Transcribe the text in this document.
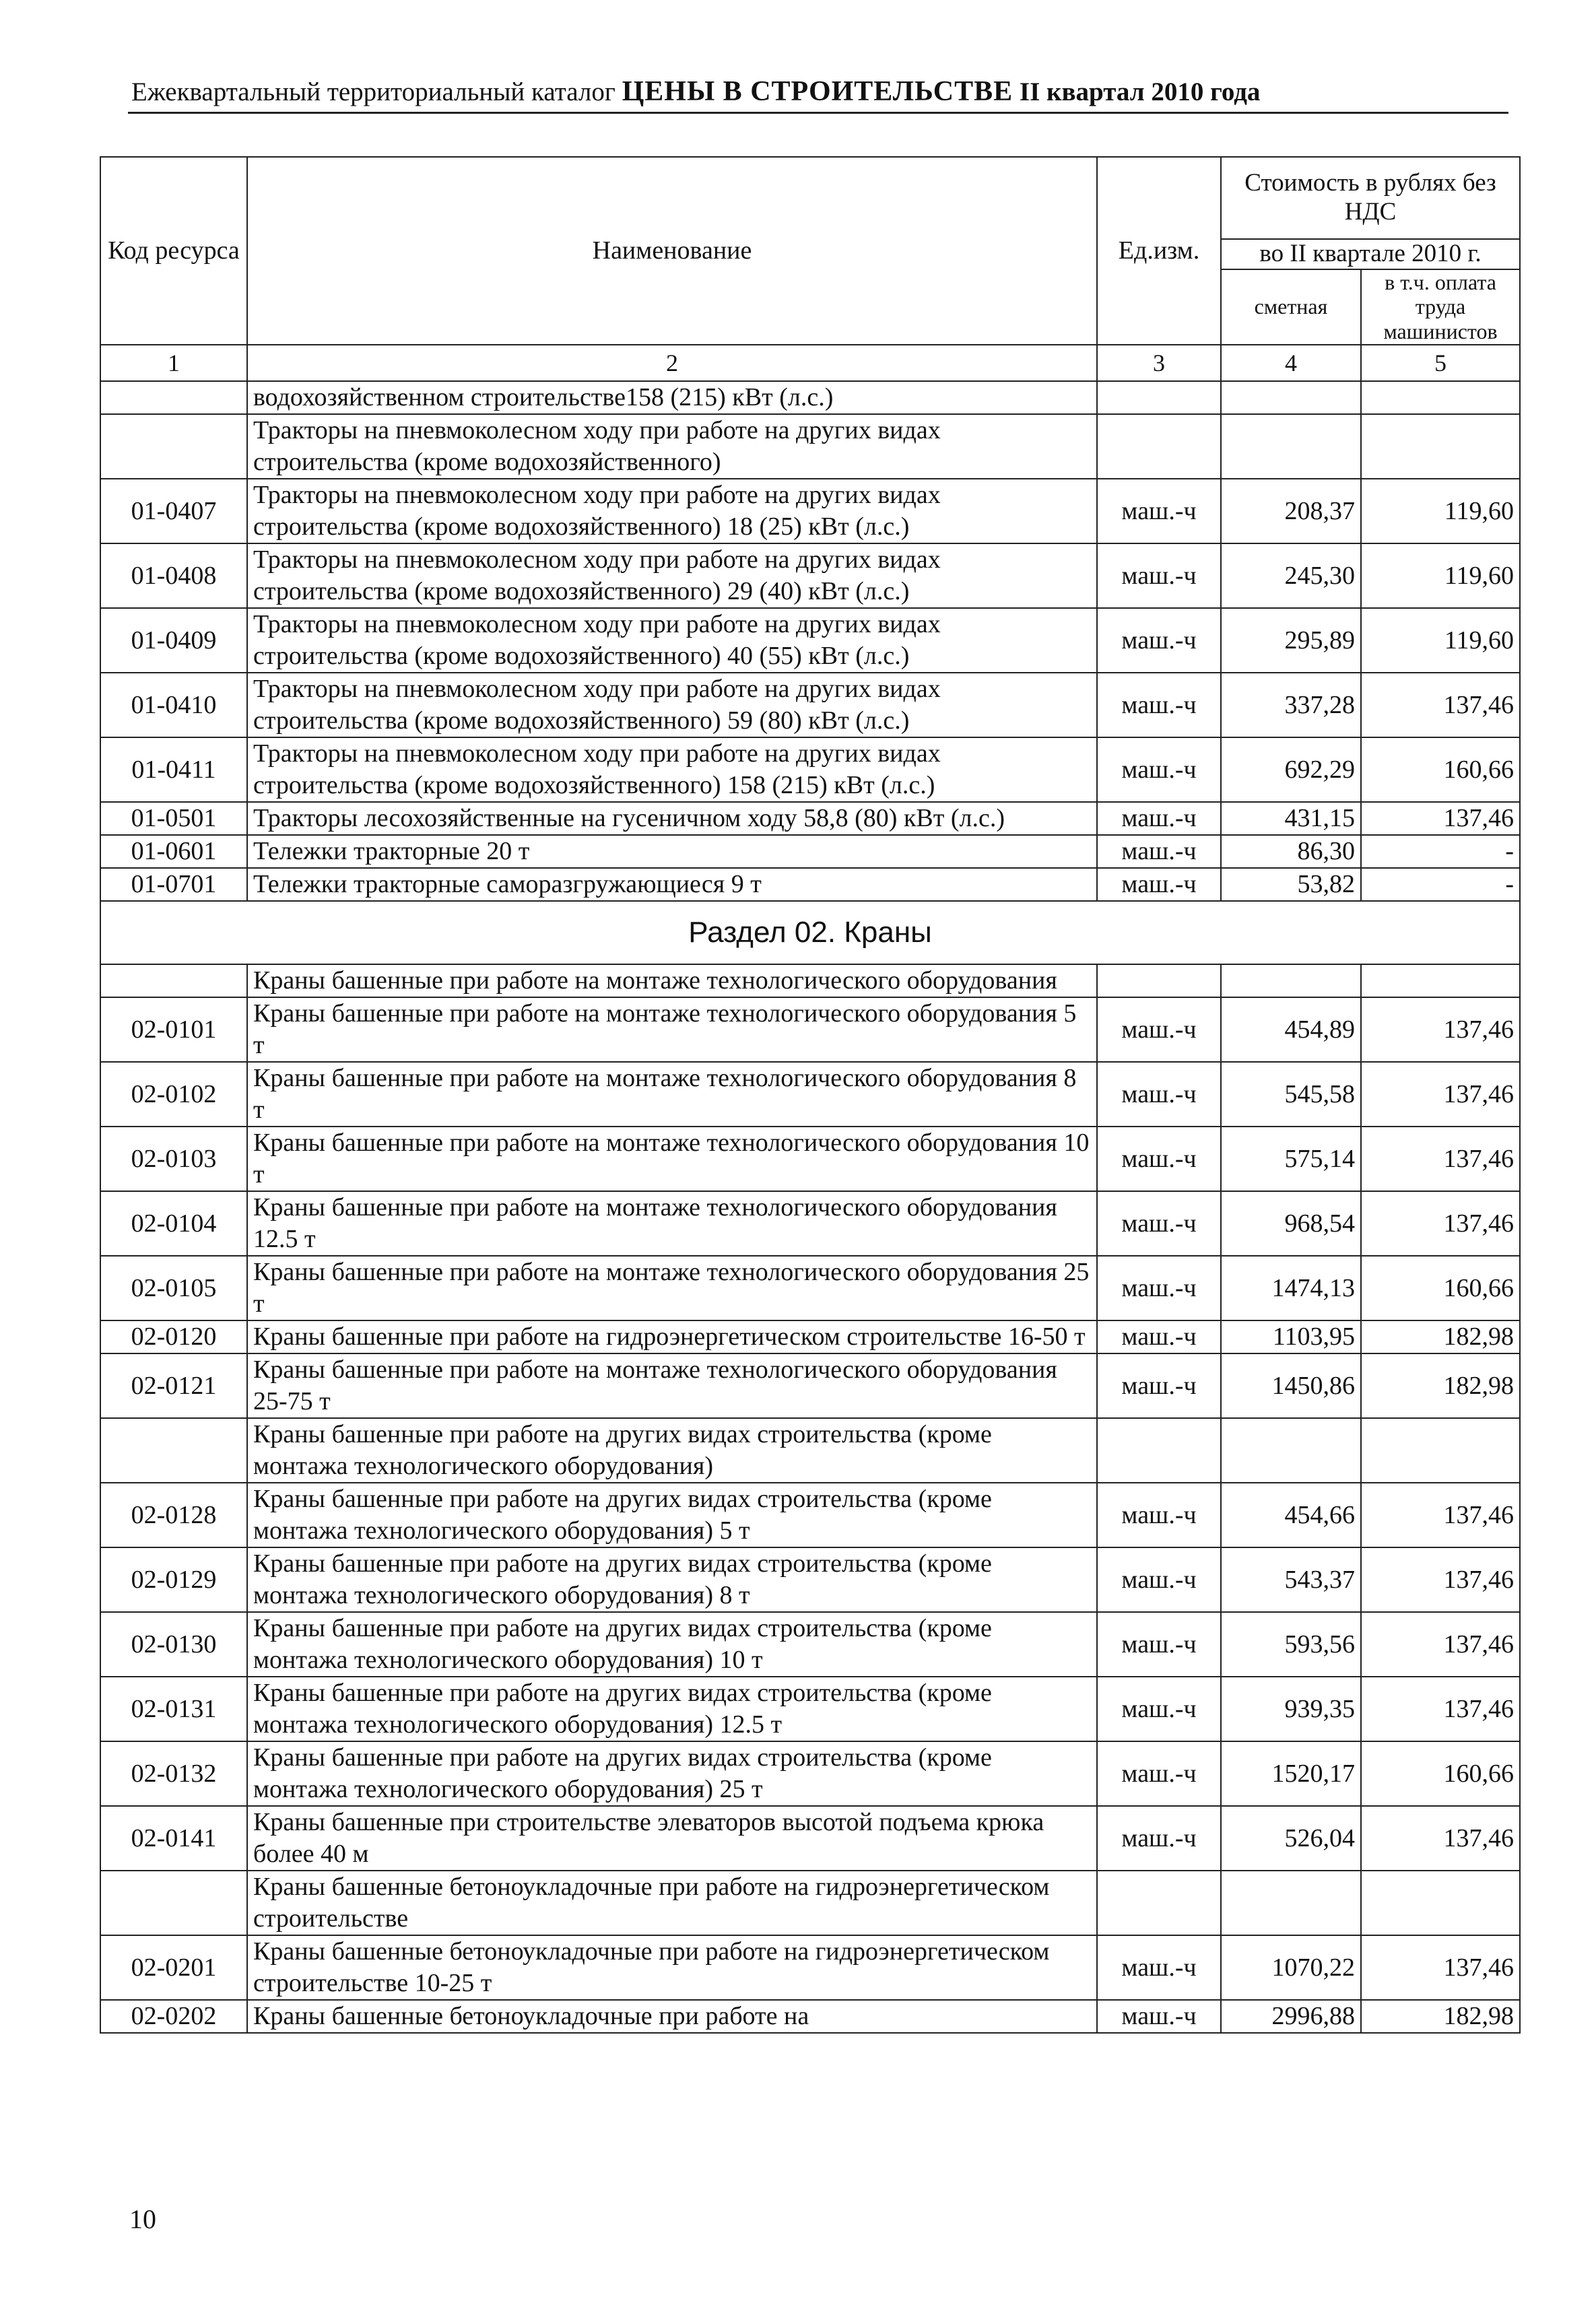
Ежеквартальный территориальный каталог ЦЕНЫ В СТРОИТЕЛЬСТВЕ II квартал 2010 года
Код ресурса	Наименование	Ед.изм.	Стоимость в рублях без НДС	

			во II квартале 2010 г.	
			сметная	в т.ч. оплата труда машинистов
1	2	3	4	5
	водохозяйственном строительстве158 (215) кВт (л.с.)			
	Тракторы на пневмоколесном ходу при работе на других видах строительства (кроме водохозяйственного)			
01-0407	Тракторы на пневмоколесном ходу при работе на других видах строительства (кроме водохозяйственного) 18 (25) кВт (л.с.)	маш.-ч	208,37	119,60
01-0408	Тракторы на пневмоколесном ходу при работе на других видах строительства (кроме водохозяйственного) 29 (40) кВт (л.с.)	маш.-ч	245,30	119,60
01-0409	Тракторы на пневмоколесном ходу при работе на других видах строительства (кроме водохозяйственного) 40 (55) кВт (л.с.)	маш.-ч	295,89	119,60
01-0410	Тракторы на пневмоколесном ходу при работе на других видах строительства (кроме водохозяйственного) 59 (80) кВт (л.с.)	маш.-ч	337,28	137,46
01-0411	Тракторы на пневмоколесном ходу при работе на других видах строительства (кроме водохозяйственного) 158 (215) кВт (л.с.)	маш.-ч	692,29	160,66
01-0501	Тракторы лесохозяйственные на гусеничном ходу 58,8 (80) кВт (л.с.)	маш.-ч	431,15	137,46
01-0601	Тележки тракторные 20 т	маш.-ч	86,30	-
01-0701	Тележки тракторные саморазгружающиеся 9 т	маш.-ч	53,82	-
Раздел 02. Краны				
	Краны башенные при работе на монтаже технологического оборудования			
02-0101	Краны башенные при работе на монтаже технологического оборудования 5 т	маш.-ч	454,89	137,46
02-0102	Краны башенные при работе на монтаже технологического оборудования 8 т	маш.-ч	545,58	137,46
02-0103	Краны башенные при работе на монтаже технологического оборудования 10 т	маш.-ч	575,14	137,46
02-0104	Краны башенные при работе на монтаже технологического оборудования 12.5 т	маш.-ч	968,54	137,46
02-0105	Краны башенные при работе на монтаже технологического оборудования 25 т	маш.-ч	1474,13	160,66
02-0120	Краны башенные при работе на гидроэнергетическом строительстве 16-50 т	маш.-ч	1103,95	182,98
02-0121	Краны башенные при работе на монтаже технологического оборудования 25-75 т	маш.-ч	1450,86	182,98
	Краны башенные при работе на других видах строительства (кроме монтажа технологического оборудования)			
02-0128	Краны башенные при работе на других видах строительства (кроме монтажа технологического оборудования) 5 т	маш.-ч	454,66	137,46
02-0129	Краны башенные при работе на других видах строительства (кроме монтажа технологического оборудования) 8 т	маш.-ч	543,37	137,46
02-0130	Краны башенные при работе на других видах строительства (кроме монтажа технологического оборудования) 10 т	маш.-ч	593,56	137,46
02-0131	Краны башенные при работе на других видах строительства (кроме монтажа технологического оборудования) 12.5 т	маш.-ч	939,35	137,46
02-0132	Краны башенные при работе на других видах строительства (кроме монтажа технологического оборудования) 25 т	маш.-ч	1520,17	160,66
02-0141	Краны башенные при строительстве элеваторов высотой подъема крюка более 40 м	маш.-ч	526,04	137,46
	Краны башенные бетоноукладочные при работе на гидроэнергетическом строительстве			
02-0201	Краны башенные бетоноукладочные при работе на гидроэнергетическом строительстве 10-25 т	маш.-ч	1070,22	137,46
02-0202	Краны башенные бетоноукладочные при работе на	маш.-ч	2996,88	182,98
10
